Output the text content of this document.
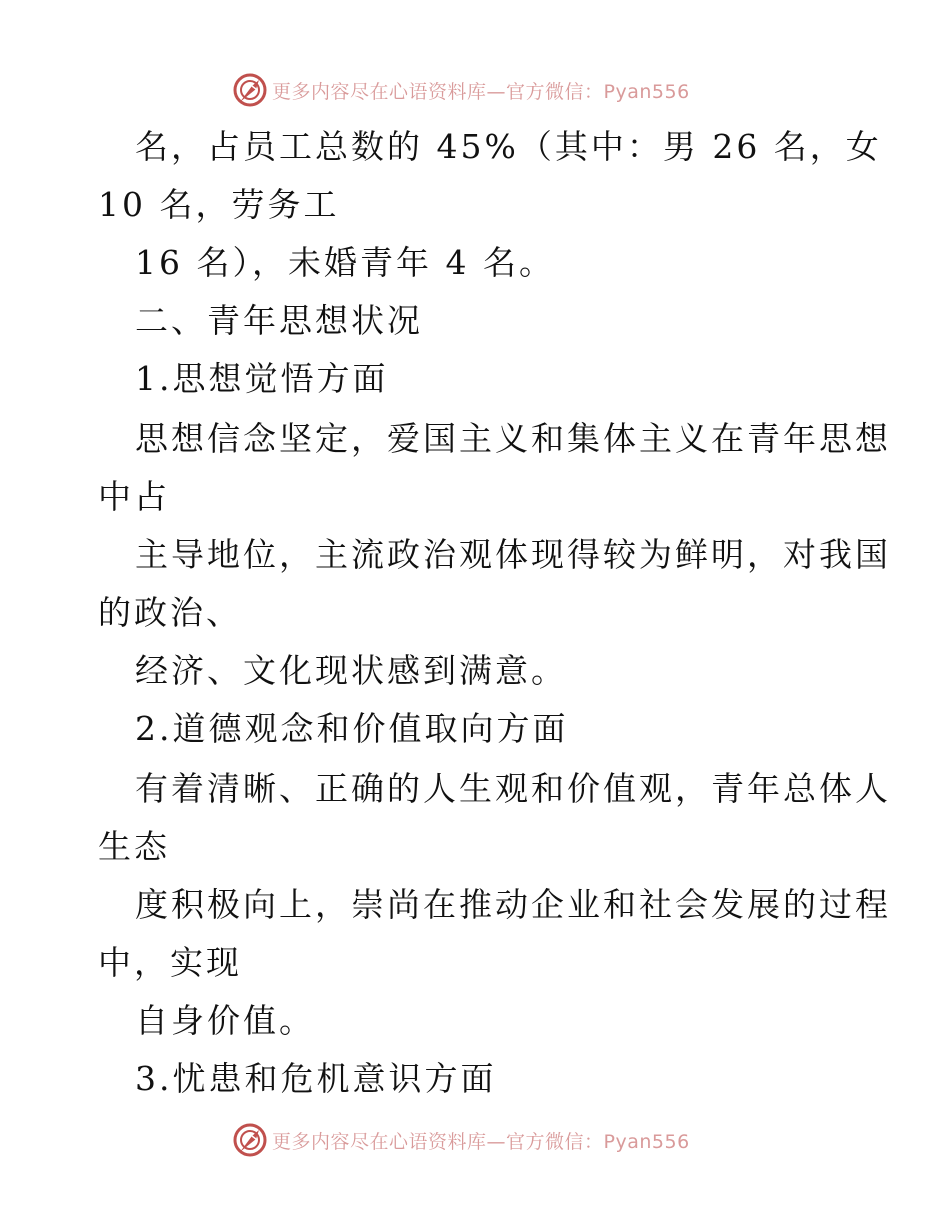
更多内容尽在心语资料库—官方微信：Pyan556
名，占员工总数的 45%（其中：男 26 名，女
10 名，劳务工
16 名），未婚青年 4 名。
二、青年思想状况
1.思想觉悟方面
思想信念坚定，爱国主义和集体主义在青年思想
中占
主导地位，主流政治观体现得较为鲜明，对我国
的政治、
经济、文化现状感到满意。
2.道德观念和价值取向方面
有着清晰、正确的人生观和价值观，青年总体人
生态
度积极向上，崇尚在推动企业和社会发展的过程
中，实现
自身价值。
3.忧患和危机意识方面
更多内容尽在心语资料库—官方微信：Pyan556
